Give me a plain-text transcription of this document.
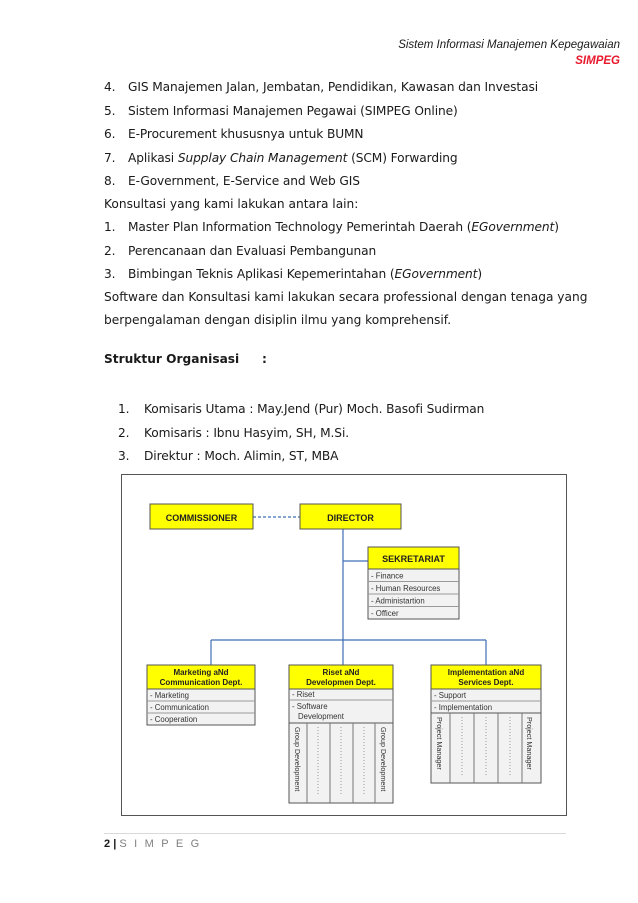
Sistem Informasi Manajemen Kepegawaian
SIMPEG
4. GIS Manajemen Jalan, Jembatan, Pendidikan, Kawasan dan Investasi
5. Sistem Informasi Manajemen Pegawai (SIMPEG Online)
6. E-Procurement khususnya untuk BUMN
7. Aplikasi Supplay Chain Management (SCM) Forwarding
8. E-Government, E-Service and Web GIS
Konsultasi yang kami lakukan antara lain:
1. Master Plan Information Technology Pemerintah Daerah (EGovernment)
2. Perencanaan dan Evaluasi Pembangunan
3. Bimbingan Teknis Aplikasi Kepemerintahan (EGovernment)
Software dan Konsultasi kami lakukan secara professional dengan tenaga yang
berpengalaman dengan disiplin ilmu yang komprehensif.
Struktur Organisasi :
1. Komisaris Utama : May.Jend (Pur) Moch. Basofi Sudirman
2. Komisaris : Ibnu Hasyim, SH, M.Si.
3. Direktur : Moch. Alimin, ST, MBA
COMMISSIONER	DIRECTOR
SEKRETARIAT
- Finance
- Human Resources
- Administartion
- Officer
Marketing aNd
Communication Dept.
- Marketing
- Communication
- Cooperation
Riset aNd
Developmen Dept.
- Riset
- Software
Development
Group Development	Group Development
Implementation aNd
Services Dept.
- Support
- Implementation
Project Manager	Project Manager
2 | S I M P E G
